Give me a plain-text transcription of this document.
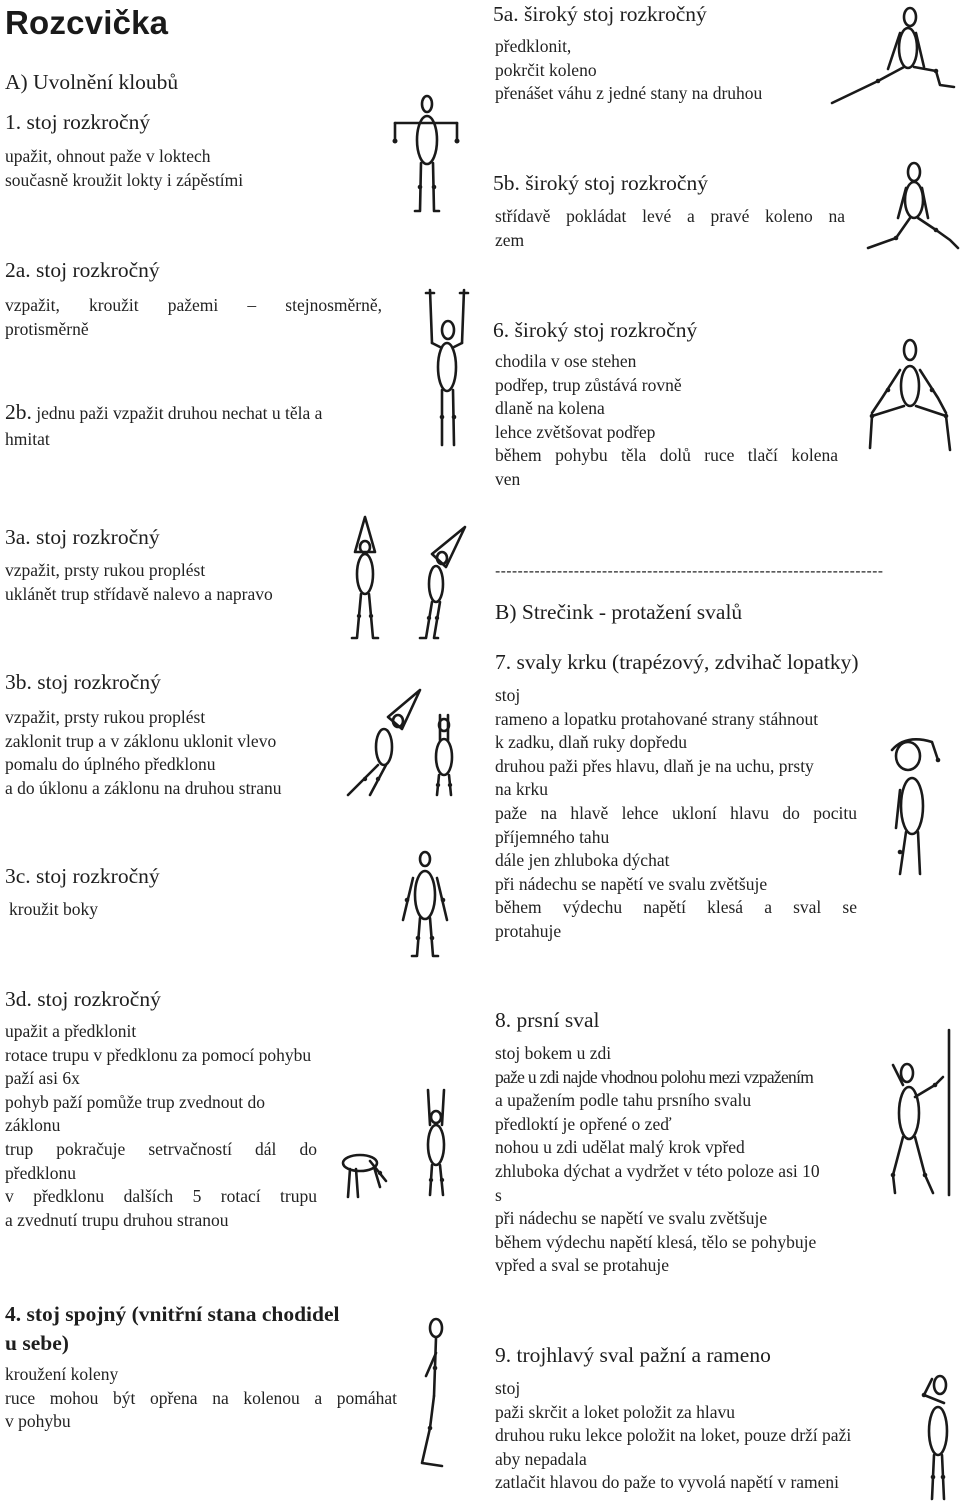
Rozcvička
A) Uvolnění kloubů
1. stoj rozkročný
upažit, ohnout paže v loktech
současně kroužit lokty i zápěstími
2a. stoj rozkročný
vzpažit, kroužit pažemi – stejnosměrně,
protisměrně
2b. jednu paži vzpažit druhou nechat u těla a
hmitat
3a. stoj rozkročný
vzpažit, prsty rukou proplést
uklánět trup střídavě nalevo a napravo
3b. stoj rozkročný
vzpažit, prsty rukou proplést
zaklonit trup a v záklonu uklonit vlevo
pomalu do úplného předklonu
a do úklonu a záklonu na druhou stranu
3c. stoj rozkročný
kroužit boky
3d. stoj rozkročný
upažit a předklonit
rotace trupu v předklonu za pomocí pohybu paží asi 6x
pohyb paží pomůže trup zvednout do záklonu
trup pokračuje setrvačností dál do
předklonu
v předklonu dalších 5 rotací trupu
a zvednutí trupu druhou stranou
4. stoj spojný (vnitřní stana chodidel
u sebe)
kroužení koleny
ruce mohou být opřena na kolenou a pomáhat
v pohybu
5a. široký stoj rozkročný
předklonit,
pokrčit koleno
přenášet váhu z jedné stany na druhou
5b. široký stoj rozkročný
střídavě pokládat levé a pravé koleno na
zem
6. široký stoj rozkročný
chodila v ose stehen
podřep, trup zůstává rovně
dlaně na kolena
lehce zvětšovat podřep
během pohybu těla dolů ruce tlačí kolena
ven
---------------------------------------------------------------------
B) Strečink - protažení svalů
7. svaly krku (trapézový, zdvihač lopatky)
stoj
rameno a lopatku protahované strany stáhnout
k zadku, dlaň ruky dopředu
druhou paži přes hlavu, dlaň je na uchu, prsty
na krku
paže na hlavě lehce ukloní hlavu do pocitu
příjemného tahu
dále jen zhluboka dýchat
při nádechu se napětí ve svalu zvětšuje
během výdechu napětí klesá a sval se
protahuje
8. prsní sval
stoj bokem u zdi
paže u zdi najde vhodnou polohu mezi vzpažením
a upažením podle tahu prsního svalu
předloktí je opřené o zeď
nohou u zdi udělat malý krok vpřed
zhluboka dýchat a vydržet v této poloze asi 10
s
při nádechu se napětí ve svalu zvětšuje
během výdechu napětí klesá, tělo se pohybuje
vpřed a sval se protahuje
9. trojhlavý sval pažní a rameno
stoj
paži skrčit a loket položit za hlavu
druhou ruku lekce položit na loket, pouze drží paži
aby nepadala
zatlačit hlavou do paže to vyvolá napětí v rameni
